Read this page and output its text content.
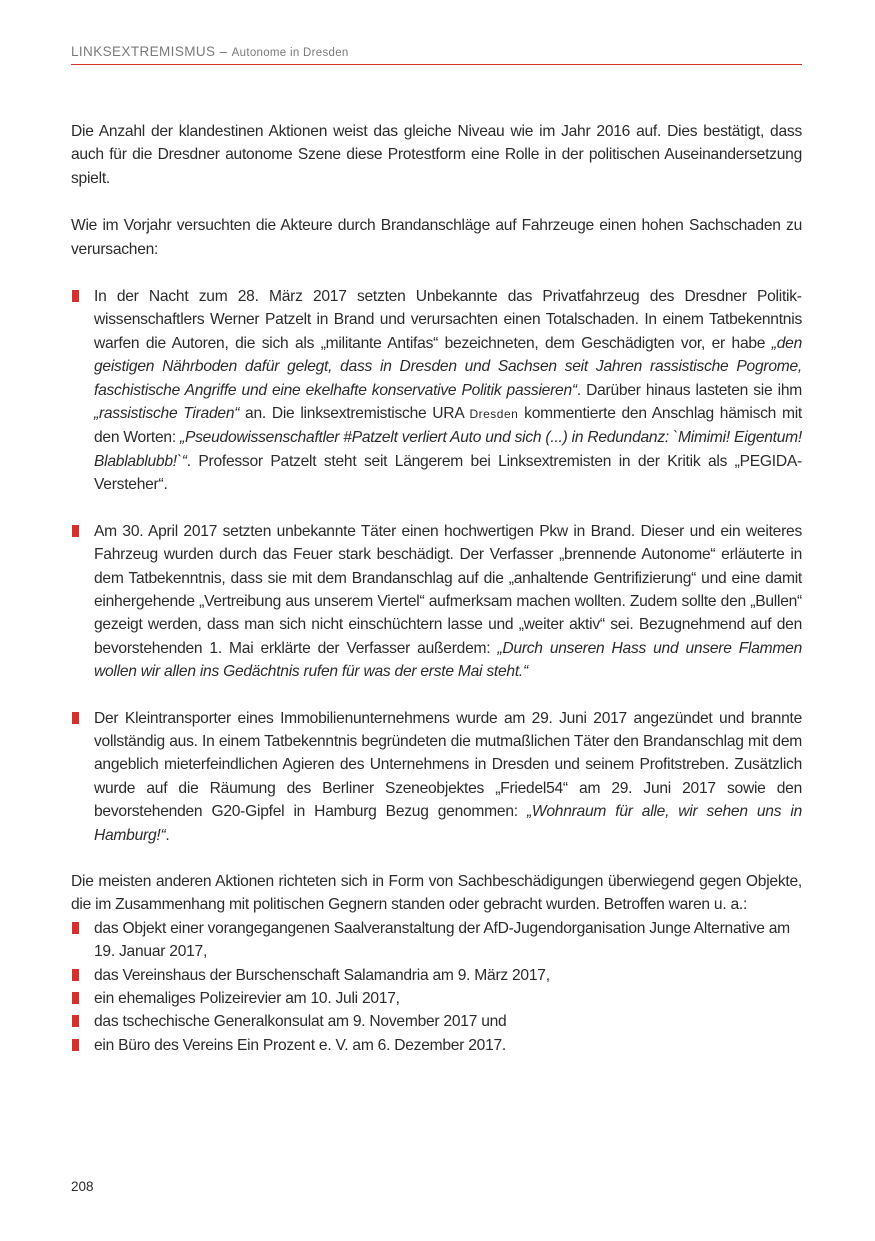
LINKSEXTREMISMUS – Autonome in Dresden

Die Anzahl der klandestinen Aktionen weist das gleiche Niveau wie im Jahr 2016 auf. Dies bestätigt, dass auch für die Dresdner autonome Szene diese Protestform eine Rolle in der politischen Auseinandersetzung spielt.

Wie im Vorjahr versuchten die Akteure durch Brandanschläge auf Fahrzeuge einen hohen Sachschaden zu verursachen:

In der Nacht zum 28. März 2017 setzten Unbekannte das Privatfahrzeug des Dresdner Politikwissenschaftlers Werner Patzelt in Brand und verursachten einen Totalschaden. In einem Tatbekenntnis warfen die Autoren, die sich als „militante Antifas“ bezeichneten, dem Geschädigten vor, er habe „den geistigen Nährboden dafür gelegt, dass in Dresden und Sachsen seit Jahren rassistische Pogrome, faschistische Angriffe und eine ekelhafte konservative Politik passieren“. Darüber hinaus lasteten sie ihm „rassistische Tiraden“ an. Die linksextremistische URA Dresden kommentierte den Anschlag hämisch mit den Worten: „Pseudowissenschaftler #Patzelt verliert Auto und sich (...) in Redundanz: `Mimimi! Eigentum! Blablablubb!`“. Professor Patzelt steht seit Längerem bei Linksextremisten in der Kritik als „PEGIDA-Versteher“.
Am 30. April 2017 setzten unbekannte Täter einen hochwertigen Pkw in Brand. Dieser und ein weiteres Fahrzeug wurden durch das Feuer stark beschädigt. Der Verfasser „brennende Autonome“ erläuterte in dem Tatbekenntnis, dass sie mit dem Brandanschlag auf die „anhaltende Gentrifizierung“ und eine damit einhergehende „Vertreibung aus unserem Viertel“ aufmerksam machen wollten. Zudem sollte den „Bullen“ gezeigt werden, dass man sich nicht einschüchtern lasse und „weiter aktiv“ sei. Bezugnehmend auf den bevorstehenden 1. Mai erklärte der Verfasser außerdem: „Durch unseren Hass und unsere Flammen wollen wir allen ins Gedächtnis rufen für was der erste Mai steht.“
Der Kleintransporter eines Immobilienunternehmens wurde am 29. Juni 2017 angezündet und brannte vollständig aus. In einem Tatbekenntnis begründeten die mutmaßlichen Täter den Brandanschlag mit dem angeblich mieterfeindlichen Agieren des Unternehmens in Dresden und seinem Profitstreben. Zusätzlich wurde auf die Räumung des Berliner Szeneobjektes „Friedel54“ am 29. Juni 2017 sowie den bevorstehenden G20-Gipfel in Hamburg Bezug genommen: „Wohnraum für alle, wir sehen uns in Hamburg!“.

Die meisten anderen Aktionen richteten sich in Form von Sachbeschädigungen überwiegend gegen Objekte, die im Zusammenhang mit politischen Gegnern standen oder gebracht wurden. Betroffen waren u. a.:

das Objekt einer vorangegangenen Saalveranstaltung der AfD-Jugendorganisation Junge Alternative am 19. Januar 2017,
das Vereinshaus der Burschenschaft Salamandria am 9. März 2017,
ein ehemaliges Polizeirevier am 10. Juli 2017,
das tschechische Generalkonsulat am 9. November 2017 und
ein Büro des Vereins Ein Prozent e. V. am 6. Dezember 2017.
208
